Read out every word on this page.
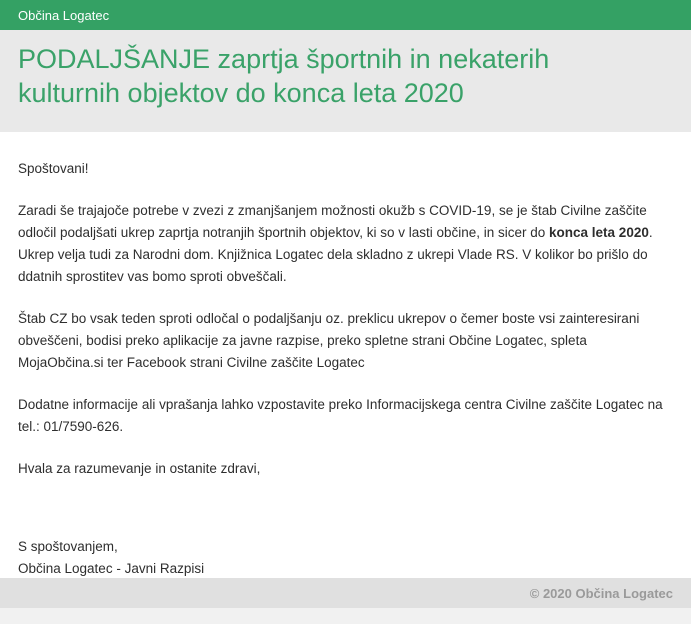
Občina Logatec
PODALJŠANJE zaprtja športnih in nekaterih kulturnih objektov do konca leta 2020

Spoštovani!

Zaradi še trajajoče potrebe v zvezi z zmanjšanjem možnosti okužb s COVID-19, se je štab Civilne zaščite odločil podaljšati ukrep zaprtja notranjih športnih objektov, ki so v lasti občine, in sicer do konca leta 2020. Ukrep velja tudi za Narodni dom. Knjižnica Logatec dela skladno z ukrepi Vlade RS. V kolikor bo prišlo do ddatnih sprostitev vas bomo sproti obveščali.

Štab CZ bo vsak teden sproti odločal o podaljšanju oz. preklicu ukrepov o čemer boste vsi zainteresirani obveščeni, bodisi preko aplikacije za javne razpise, preko spletne strani Občine Logatec, spleta MojaObčina.si ter Facebook strani Civilne zaščite Logatec

Dodatne informacije ali vprašanja lahko vzpostavite preko Informacijskega centra Civilne zaščite Logatec na tel.: 01/7590-626.

Hvala za razumevanje in ostanite zdravi,

S spoštovanjem,
Občina Logatec - Javni Razpisi

© 2020 Občina Logatec
